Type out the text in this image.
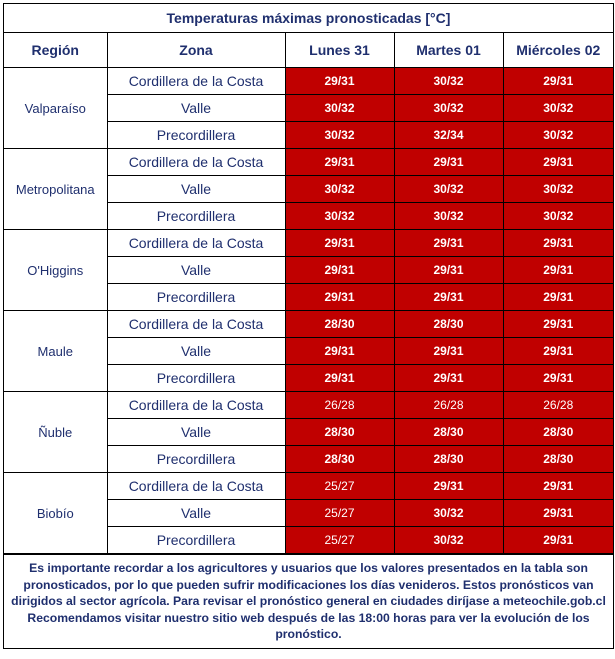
Temperaturas máximas pronosticadas [°C]
Región	Zona	Lunes 31	Martes 01	Miércoles 02
Valparaíso	Cordillera de la Costa	29/31	30/32	29/31
	Valle	30/32	30/32	30/32
	Precordillera	30/32	32/34	30/32
Metropolitana	Cordillera de la Costa	29/31	29/31	29/31
	Valle	30/32	30/32	30/32
	Precordillera	30/32	30/32	30/32
O'Higgins	Cordillera de la Costa	29/31	29/31	29/31
	Valle	29/31	29/31	29/31
	Precordillera	29/31	29/31	29/31
Maule	Cordillera de la Costa	28/30	28/30	29/31
	Valle	29/31	29/31	29/31
	Precordillera	29/31	29/31	29/31
Ñuble	Cordillera de la Costa	26/28	26/28	26/28
	Valle	28/30	28/30	28/30
	Precordillera	28/30	28/30	28/30
Biobío	Cordillera de la Costa	25/27	29/31	29/31
	Valle	25/27	30/32	29/31
	Precordillera	25/27	30/32	29/31

Es importante recordar a los agricultores y usuarios que los valores presentados en la tabla son pronosticados, por lo que pueden sufrir modificaciones los días venideros. Estos pronósticos van dirigidos al sector agrícola. Para revisar el pronóstico general en ciudades diríjase a meteochile.gob.cl

Recomendamos visitar nuestro sitio web después de las 18:00 horas para ver la evolución de los pronóstico.
